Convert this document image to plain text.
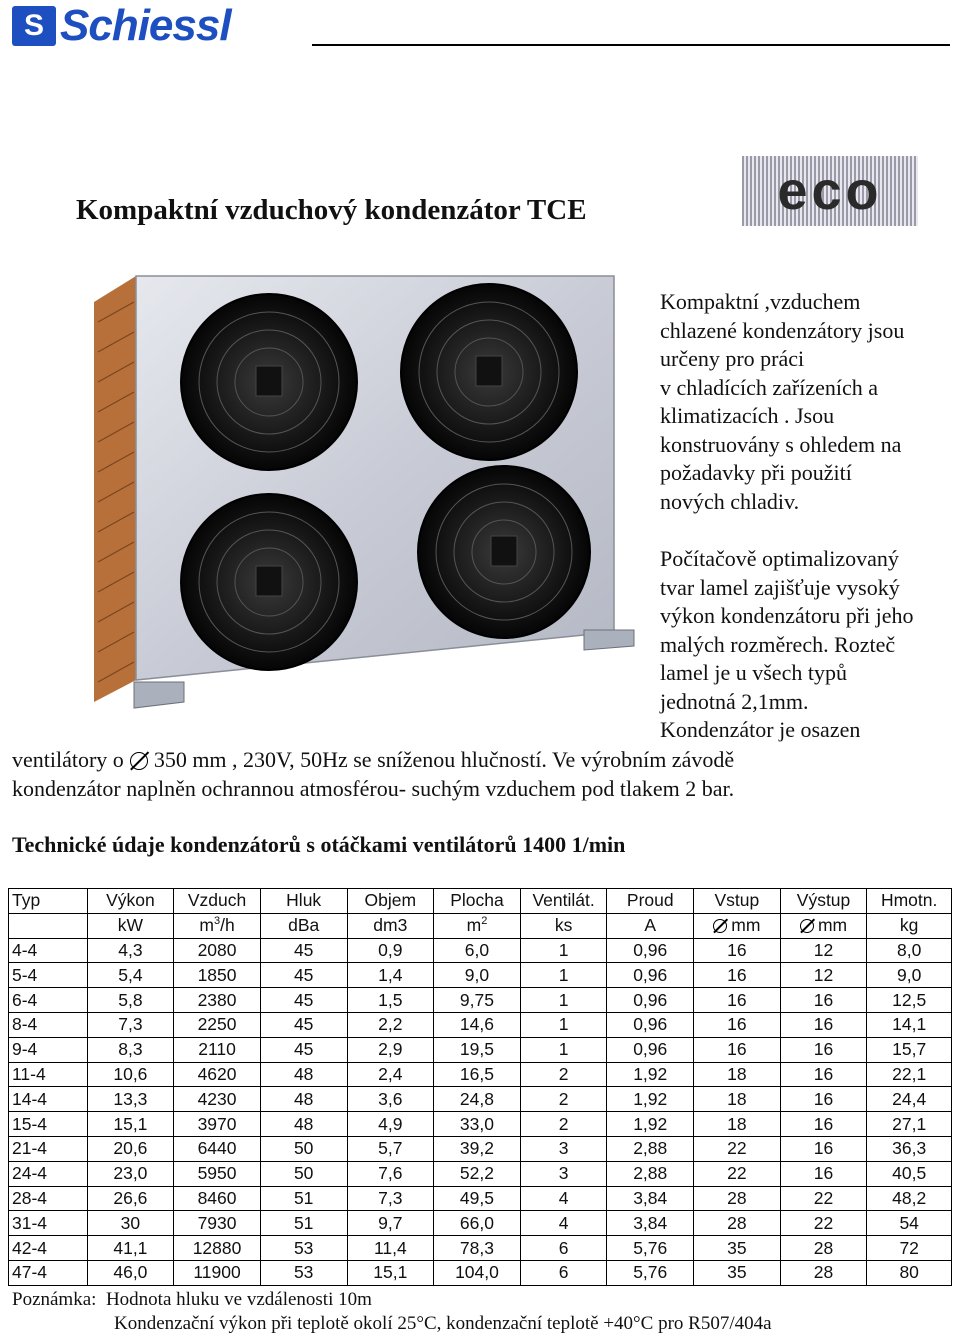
S Schiessl
eco
Kompaktní vzduchový kondenzátor TCE
Kompaktní ,vzduchem
chlazené kondenzátory jsou
určeny pro práci
v chladících zařízeních a
klimatizacích . Jsou
konstruovány s ohledem na
požadavky při použití
nových chladiv.
Počítačově optimalizovaný
tvar lamel zajišťuje vysoký
výkon kondenzátoru při jeho
malých rozměrech. Rozteč
lamel je u všech typů
jednotná 2,1mm.
Kondenzátor je osazen
ventilátory o 350 mm , 230V, 50Hz se sníženou hlučností. Ve výrobním závodě
kondenzátor naplněn ochrannou atmosférou- suchým vzduchem pod tlakem 2 bar.
Technické údaje kondenzátorů s otáčkami ventilátorů 1400 1/min
Typ	Výkon	Vzduch	Hluk	Objem	Plocha	Ventilát.	Proud	Vstup	Výstup	Hmotn.
	kW	$m^3/h$	dBa	dm3	$m^2$	ks	A	mm	mm	kg
4-4	4,3	2080	45	0,9	6,0	1	0,96	16	12	8,0
5-4	5,4	1850	45	1,4	9,0	1	0,96	16	12	9,0
6-4	5,8	2380	45	1,5	9,75	1	0,96	16	16	12,5
8-4	7,3	2250	45	2,2	14,6	1	0,96	16	16	14,1
9-4	8,3	2110	45	2,9	19,5	1	0,96	16	16	15,7
11-4	10,6	4620	48	2,4	16,5	2	1,92	18	16	22,1
14-4	13,3	4230	48	3,6	24,8	2	1,92	18	16	24,4
15-4	15,1	3970	48	4,9	33,0	2	1,92	18	16	27,1
21-4	20,6	6440	50	5,7	39,2	3	2,88	22	16	36,3
24-4	23,0	5950	50	7,6	52,2	3	2,88	22	16	40,5
28-4	26,6	8460	51	7,3	49,5	4	3,84	28	22	48,2
31-4	30	7930	51	9,7	66,0	4	3,84	28	22	54
42-4	41,1	12880	53	11,4	78,3	6	5,76	35	28	72
47-4	46,0	11900	53	15,1	104,0	6	5,76	35	28	80
Poznámka: Hodnota hluku ve vzdálenosti 10m
Kondenzační výkon při teplotě okolí 25°C, kondenzační teplotě +40°C pro R507/404a
